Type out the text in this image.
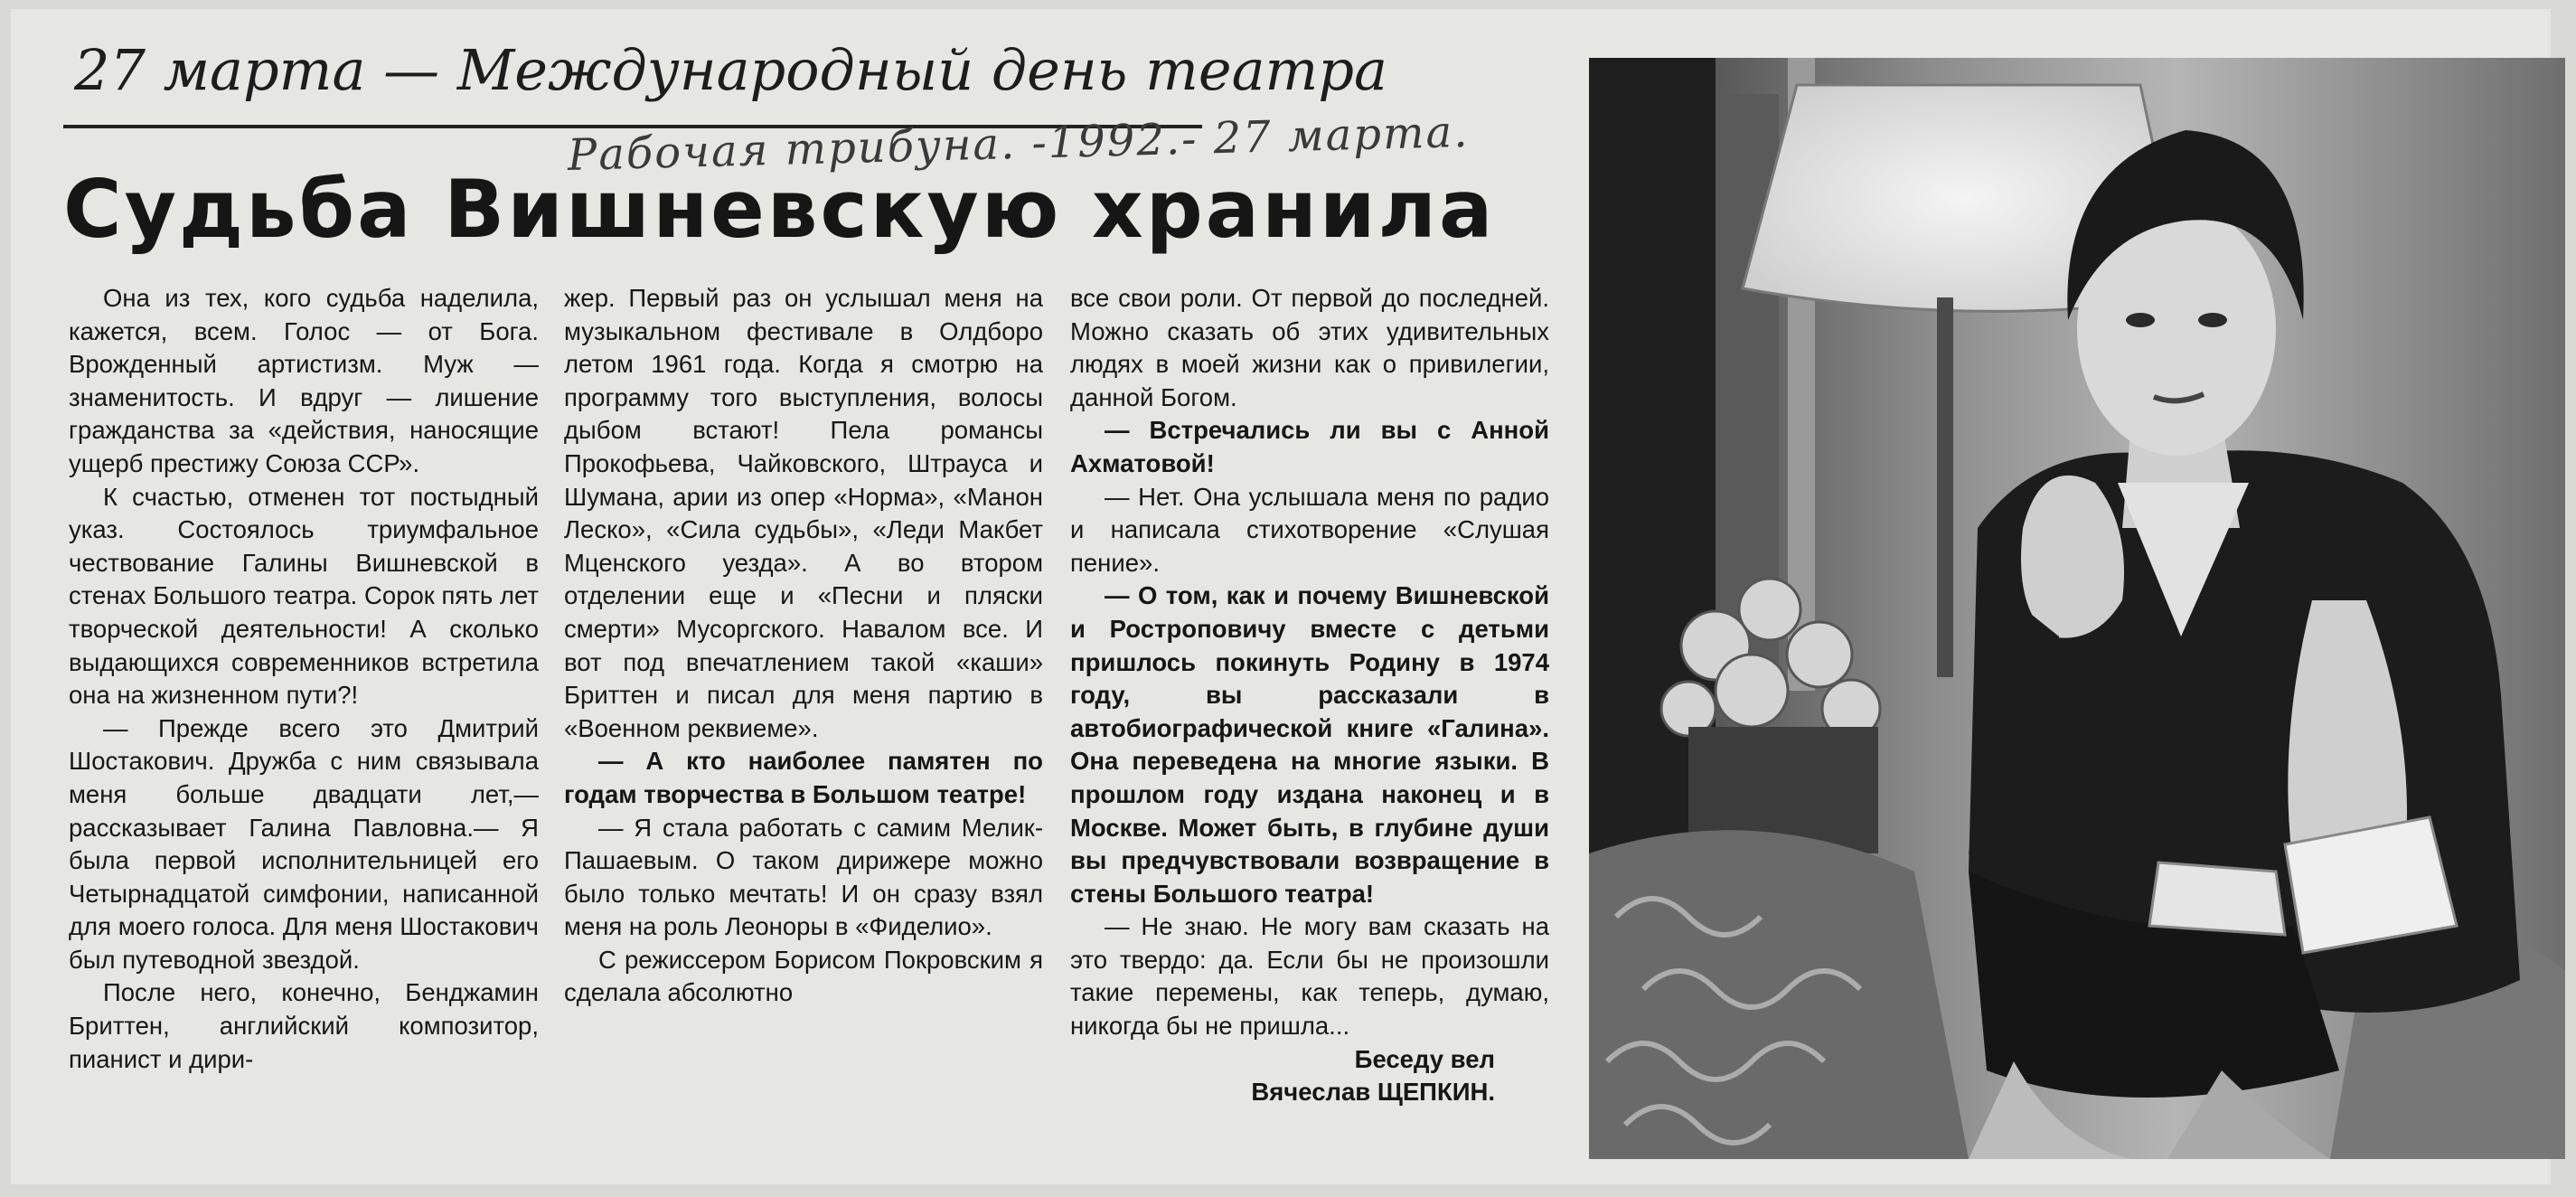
27 марта — Международный день театра
Рабочая трибуна. -1992.- 27 марта.
Судьба Вишневскую хранила

Она из тех, кого судьба наделила, кажется, всем. Голос — от Бога. Врожденный артистизм. Муж — знаменитость. И вдруг — лишение гражданства за «действия, наносящие ущерб престижу Союза ССР».

К счастью, отменен тот постыдный указ. Состоялось триумфальное чествование Галины Вишневской в стенах Большого театра. Сорок пять лет творческой деятельности! А сколько выдающихся современников встретила она на жизненном пути?!

— Прежде всего это Дмитрий Шостакович. Дружба с ним связывала меня больше двадцати лет,— рассказывает Галина Павловна.— Я была первой исполнительницей его Четырнадцатой симфонии, написанной для моего голоса. Для меня Шостакович был путеводной звездой.

После него, конечно, Бенджамин Бриттен, английский композитор, пианист и дири-

жер. Первый раз он услышал меня на музыкальном фестивале в Олдборо летом 1961 года. Когда я смотрю на программу того выступления, волосы дыбом встают! Пела романсы Прокофьева, Чайковского, Штрауса и Шумана, арии из опер «Норма», «Манон Леско», «Сила судьбы», «Леди Макбет Мценского уезда». А во втором отделении еще и «Песни и пляски смерти» Мусоргского. Навалом все. И вот под впечатлением такой «каши» Бриттен и писал для меня партию в «Военном реквиеме».

— А кто наиболее памятен по годам творчества в Большом театре!

— Я стала работать с самим Мелик-Пашаевым. О таком дирижере можно было только мечтать! И он сразу взял меня на роль Леоноры в «Фиделио».

С режиссером Борисом Покровским я сделала абсолютно

все свои роли. От первой до последней. Можно сказать об этих удивительных людях в моей жизни как о привилегии, данной Богом.

— Встречались ли вы с Анной Ахматовой!

— Нет. Она услышала меня по радио и написала стихотворение «Слушая пение».

— О том, как и почему Вишневской и Ростроповичу вместе с детьми пришлось покинуть Родину в 1974 году, вы рассказали в автобиографической книге «Галина». Она переведена на многие языки. В прошлом году издана наконец и в Москве. Может быть, в глубине души вы предчувствовали возвращение в стены Большого театра!

— Не знаю. Не могу вам сказать на это твердо: да. Если бы не произошли такие перемены, как теперь, думаю, никогда бы не пришла...

Беседу вел

Вячеслав ЩЕПКИН.
